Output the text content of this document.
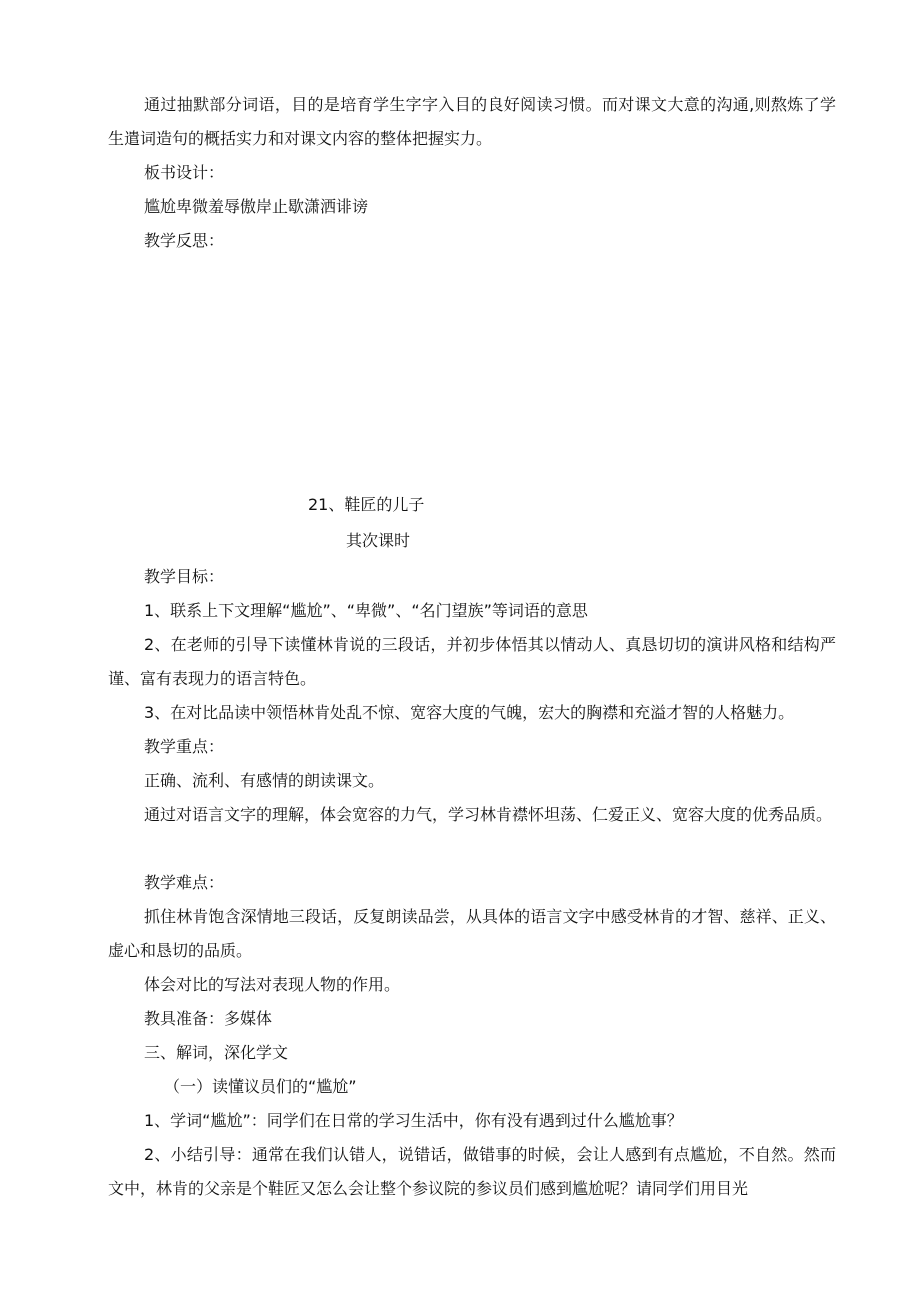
通过抽默部分词语，目的是培育学生字字入目的良好阅读习惯。而对课文大意的沟通,则熬炼了学生遣词造句的概括实力和对课文内容的整体把握实力。
板书设计：
尴尬卑微羞辱傲岸止歇潇洒诽谤
教学反思：
21、鞋匠的儿子
其次课时
教学目标：
1、联系上下文理解“尴尬”、“卑微”、“名门望族”等词语的意思
2、在老师的引导下读懂林肯说的三段话，并初步体悟其以情动人、真恳切切的演讲风格和结构严谨、富有表现力的语言特色。
3、在对比品读中领悟林肯处乱不惊、宽容大度的气魄，宏大的胸襟和充溢才智的人格魅力。
教学重点：
正确、流利、有感情的朗读课文。
通过对语言文字的理解，体会宽容的力气，学习林肯襟怀坦荡、仁爱正义、宽容大度的优秀品质。
教学难点：
抓住林肯饱含深情地三段话，反复朗读品尝，从具体的语言文字中感受林肯的才智、慈祥、正义、虚心和恳切的品质。
体会对比的写法对表现人物的作用。
教具准备：多媒体
三、解词，深化学文
（一）读懂议员们的“尴尬”
1、学词“尴尬”：同学们在日常的学习生活中，你有没有遇到过什么尴尬事？
2、小结引导：通常在我们认错人，说错话，做错事的时候，会让人感到有点尴尬，不自然。然而文中，林肯的父亲是个鞋匠又怎么会让整个参议院的参议员们感到尴尬呢？请同学们用目光
